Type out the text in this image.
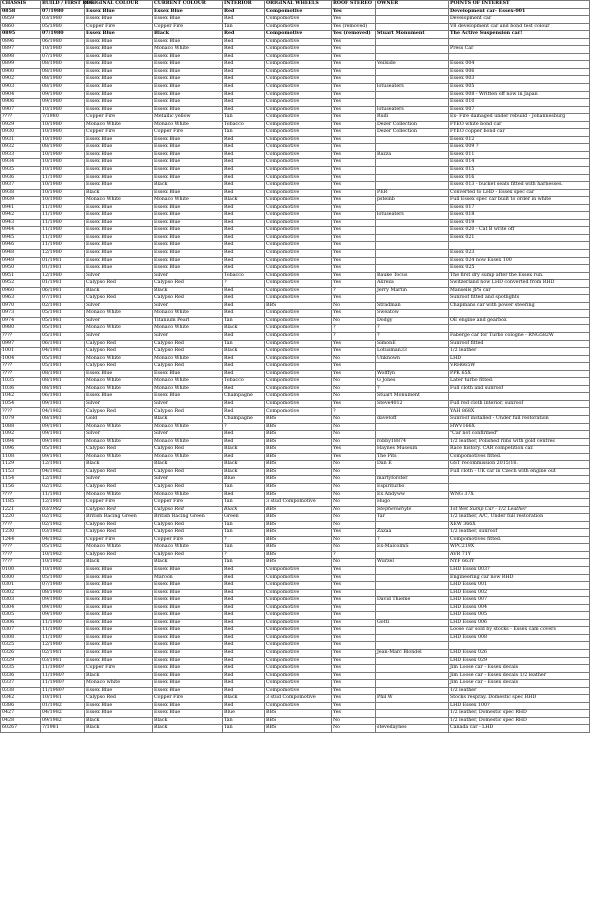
CHASSIS	BUILD / FIRST REG	ORIGINAL COLOUR	CURRENT COLOUR	INTERIOR	ORIGINAL WHEELS	ROOF STEREO	OWNER	POINTS OF INTEREST
0858	07/1980	Essex Blue	Essex Blue	Red	Compomotive	Yes		Development car- Essex-001
0859	03/1980	Essex Blue	Essex Blue	Red	Compomotive	Yes		Development car
0860	05/1980	Copper Fire	Copper Fire	Tan	Compomotive	Yes (removed)		V8 development car and bond test colour
0895	07/1980	Essex Blue	Black	Red	Compomotive	Yes (removed)	Stuart Monument	The Active Suspension car!
0896	06/1980	Essex Blue	Essex Blue	Red	Compomotive	Yes		
0897	10/1980	Essex Blue	Monaco White	Red	Compomotive	Yes		Press Car
0898	07/1980	Essex Blue	Essex Blue	Red	Compomotive	Yes		
0899	08/1980	Essex Blue	Essex Blue	Red	Compomotive	Yes	Veilside	Essex 004
0900	08/1980	Essex Blue	Essex Blue	Red	Compomotive	Yes		Essex 006
0902	08/1980	Essex Blue	Essex Blue	Red	Compomotive	Yes		Essex 003
0903	08/1980	Essex Blue	Essex Blue	Red	Compomotive	Yes	lotuseaters	Essex 005
0904	09/1980	Essex Blue	Essex Blue	Red	Compomotive	Yes		Essex 008 - Written off now in Japan
0906	09/1980	Essex Blue	Essex Blue	Red	Compomotive	Yes		Essex 010
0907	10/1980	Essex Blue	Essex Blue	Red	Compomotive	Yes	lotuseaters	Essex 007
????	7/1980	Copper Fire	Metallic yellow	Tan	Compomotive	Yes	Rudi	Ex- Fire damaged under rebuild - Johannesburg
0929	10/1980	Monaco White	Monaco White	Tobacco	Compomotive	Yes	Dezer Collection	FYEO white bond car
0930	10/1980	Copper Fire	Copper Fire	Tan	Compomotive	Yes	Dezer Collection	FYEO copper bond car
0931	10/1980	Essex Blue	Essex Blue	Red	Compomotive	Yes		Essex 012
0932	08/1980	Essex Blue	Essex Blue	Red	Compomotive	Yes		Essex 009 ?
0933	10/1980	Essex Blue	Essex Blue	Red	Compomotive	Yes	Bazza	Essex 011
0934	10/1980	Essex Blue	Essex Blue	Red	Compomotive	Yes		Essex 014
0935	10/1980	Essex Blue	Essex Blue	Red	Compomotive	Yes		Essex 015
0936	11/1980	Essex Blue	Essex Blue	Red	Compomotive	Yes		Essex 016
0937	10/1980	Essex Blue	Black	Red	Compomotive	Yes		Essex 013 - bucket seats fitted with harnesses.
0938	10/1980	Black	Essex Blue	Red	Compomotive	Yes	PER	Converted to LHD - Essex spec car
0939	10/1980	Monaco White	Monaco White	Black	Compomotive	Yes	psteinb	Full Essex spec car built to order in white
0941	11/1980	Essex Blue	Essex Blue	Red	Compomotive	Yes		Essex 017
0942	11/1980	Essex Blue	Essex Blue	Red	Compomotive	Yes	lotuseaters	Essex 018
0943	11/1980	Essex Blue	Essex Blue	Red	Compomotive	Yes		Essex 019
0944	11/1980	Essex Blue	Essex Blue	Red	Compomotive	Yes		Essex 020 - Cat B write off
0945	11/1980	Essex Blue	Essex Blue	Red	Compomotive	Yes		Essex 021
0946	11/1980	Essex Blue	Essex Blue	Red	Compomotive	Yes		
0948	12/1980	Essex Blue	Essex Blue	Red	Compomotive	Yes		Essex 023
0949	01/1981	Essex Blue	Essex Blue	Red	Compomotive	Yes		Essex 024 now Essex 100
0950	01/1981	Essex Blue	Essex Blue	Red	Compomotive	Yes		Essex 025
0951	12/1980	Silver	Silver	Tobacco	Compomotive	Yes	Bauke Tocus	The first dry sump after the Essex run.
0952	01/1981	Calypso Red	Calypso Red	?	Compomotive	Yes	Alireza	Switzerland now LHD converted from RHD
0960	06/1981	Black	Black	Red	Compomotive	?	Jerry Martin	Mansells JPS car
0963	07/1981	Calypso Red	Calypso Red	Red	Compomotive	Yes		Sunroof fitted and spotlights
0970	02/1981	Silver	Silver	Red	BBS	No	Stradman	Chapmans car with power steering
0973	05/1981	Monaco White	Monaco White	Red	Compomotive	Yes	Sweatow	
0974	05/1981	Silver	Titanium Pearl	Tan	Compomotive	No	Dodgy	OE engine and gearbox
0980	05/1981	Monaco White	Monaco White	Black	Compomotive	?	?	
????	05/1981	Silver	Silver	Red	Compomotive	?	?	Faberge car for Turbo cologne - RNG582W
0997	06/1981	Calypso Red	Calypso Red	Tan	Compomotive	Yes	SimonE	Sunroof fitted
1001	04/1981	Calypso Red	Calypso Red	Black	Compomotive	Yes	Lotusman33	1/2 leather
1004	05/1981	Monaco White	Monaco White	Red	Compomotive	No	Unknown	LHD
????	05/1981	Calypso Red	Calypso Red	Red	Compomotive	Yes		VRH665W
????	08/1981	Essex Blue	Essex Blue	Red	Compomotive	Yes	Wolffyn	PPK 65X
1035	08/1981	Monaco White	Monaco White	Tobacco	Compomotive	No	G Jones	Later turbo fitted.
1036	08/1981	Monaco White	Monaco White	Red	Compomotive	No	?	Full cloth and sunroof
1042	06/1981	Essex Blue	Essex Blue	Champagne	Compomotive	No	Stuart Monument	
1054	09/1981	Silver	Silver	Red	Compomotive	Yes	Steve4012	Full red cloth interior, sunroof
????	04/1982	Calypso Red	Calypso Red	Red	Compomotive	?		YAH 868X
1079	08/1981	Gold	Black	Champagne	BBS	No	davetoff	Sunroof installed - Under full restoration
1088	09/1981	Monaco White	Monaco White	?	BBS	No		HWV166X
1092	09/1981	Silver	Silver	Red	BBS	No		"Car not confirmed"
1094	09/1981	Monaco White	Monaco White	Red	BBS	No	robby18874	1/2 leather, Polished rims with gold centres
1096	05/1981	Calypso Red	Calypso Red	Black	BBS	Yes	Haynes Museum	Race history. CAR competition car.
1108	09/1981	Monaco White	Monaco White	Red	BBS	Yes	The Pits	Compomotives fitted.
1129	12/1981	Black	Black	Black	BBS	No	Dan E	GST recommission 2015/16.
1153	04/1982	Calypso Red	Calypso Red	Black	BBS	No		Full cloth - UK car in Czech with engine out
1154	12/1981	Silver	Silver	Blue	BBS	No	martyforster	
1156	02/1982	Calypso Red	Calypso Red	Tan	BBS	No	Espiriturbo	
????	11/1981	Monaco White	Monaco White	Red	BBS	No	Ex Andyww	WNG 37X
1185	12/1981	Copper Fire	Copper Fire	Tan	3 stud Compomotive	No	Hugo	
1221	03/1982	Calypso Red	Calypso Red	Black	BBS	No	Stephenwhyte	1st Wet Sump Car - 1/2 Leather
1220	02/1982	British Racing Green	British Racing Green	Green	BBS	No	Tar	1/2 leather, A/C, Under full restoration
????	02/1982	Calypso Red	Calypso Red	Tan	BBS	No		XEW 366X
1230	03/1982	Calypso Red	Calypso Red	Tan	BBS	Yes	Zazaa	1/2 leather, sunroof
1244	04/1982	Copper Fire	Copper Fire	?	BBS	No	?	Compomotives fitted.
????	05/1982	Monaco White	Monaco White	Tan	BBS	No	Ex-MalcolmS	WPC219X
????	10/1982	Calypso Red	Calypso Red	?	BBS	?		AVR 71Y
????	10/1982	Black	Black	Tan	BBS	No	Wurzel	NYF 663Y
0100	10/1980	Essex Blue	Essex Blue	Red	Compomotive	Yes		LHD Essex 003?
0300	05/1980	Essex Blue	Maroon	Red	Compomotive	Yes		Engineering car now RHD
0301	07/1980	Essex Blue	Essex Blue	Red	Compomotive	Yes		LHD Essex 001
0302	08/1980	Essex Blue	Essex Blue	Red	Compomotive	Yes		LHD Essex 002
0303	09/1980	Essex Blue	Essex Blue	Red	Compomotive	Yes	David Thieme	LHD Essex 007
0304	09/1980	Essex Blue	Essex Blue	Red	Compomotive	Yes		LHD Essex 004
0305	09/1980	Essex Blue	Essex Blue	Red	Compomotive	Yes		LHD Essex 005
0306	11/1980	Essex Blue	Essex Blue	Red	Compomotive	Yes	Gotti	LHD Essex 006
0307	11/1980	Essex Blue	Essex Blue	Red	Compomotive	Yes		Loose car sold by stocks - Essex cam covers
0308	11/1980	Essex Blue	Essex Blue	Red	Compomotive	Yes		LHD Essex 008
0325	12/1980	Essex Blue	Essex Blue	Red	Compomotive	Yes		
0326	02/1981	Essex Blue	Essex Blue	Red	Compomotive	Yes	Jean-Marc Blondel	LHD Essex 026
0329	03/1981	Essex Blue	Essex Blue	Red	Compomotive	Yes		LHD Essex 029
0335	11/1980?	Copper Fire	Essex Blue	Red	Compomotive	Yes		Jim Loose car - Essex decals
0336	11/1980?	Black	Essex Blue	Red	Compomotive	Yes		Jim Loose car - Essex decals 1/2 leather
0337	11/1980?	Monaco white	Essex Blue	Red	Compomotive	Yes		Jim Loose car - Essex decals
0338	11/1980?	Essex Blue	Essex Blue	Red	Compomotive	Yes		1/2 leather
0342	10/1981	Calypso Red	Copper Fire	Black	3 stud Compomotive	Yes	Phil W	Stocks respray. Domestic spec RHD
0386	01/1982	Essex Blue	Essex Blue	Red	Compomotive	Yes		LHD Essex 100?
0427	04/1982	Essex Blue	Essex Blue	Blue	BBS	Yes		1/2 leather, Domestic spec RHD
0428	09/1982	Black	Black	Tan	BBS	No		1/2 leather, Domestic spec RHD
60267	7/1981	Black	Black	Tan	BBS	No	stevedaynes	Canada car - LHD
